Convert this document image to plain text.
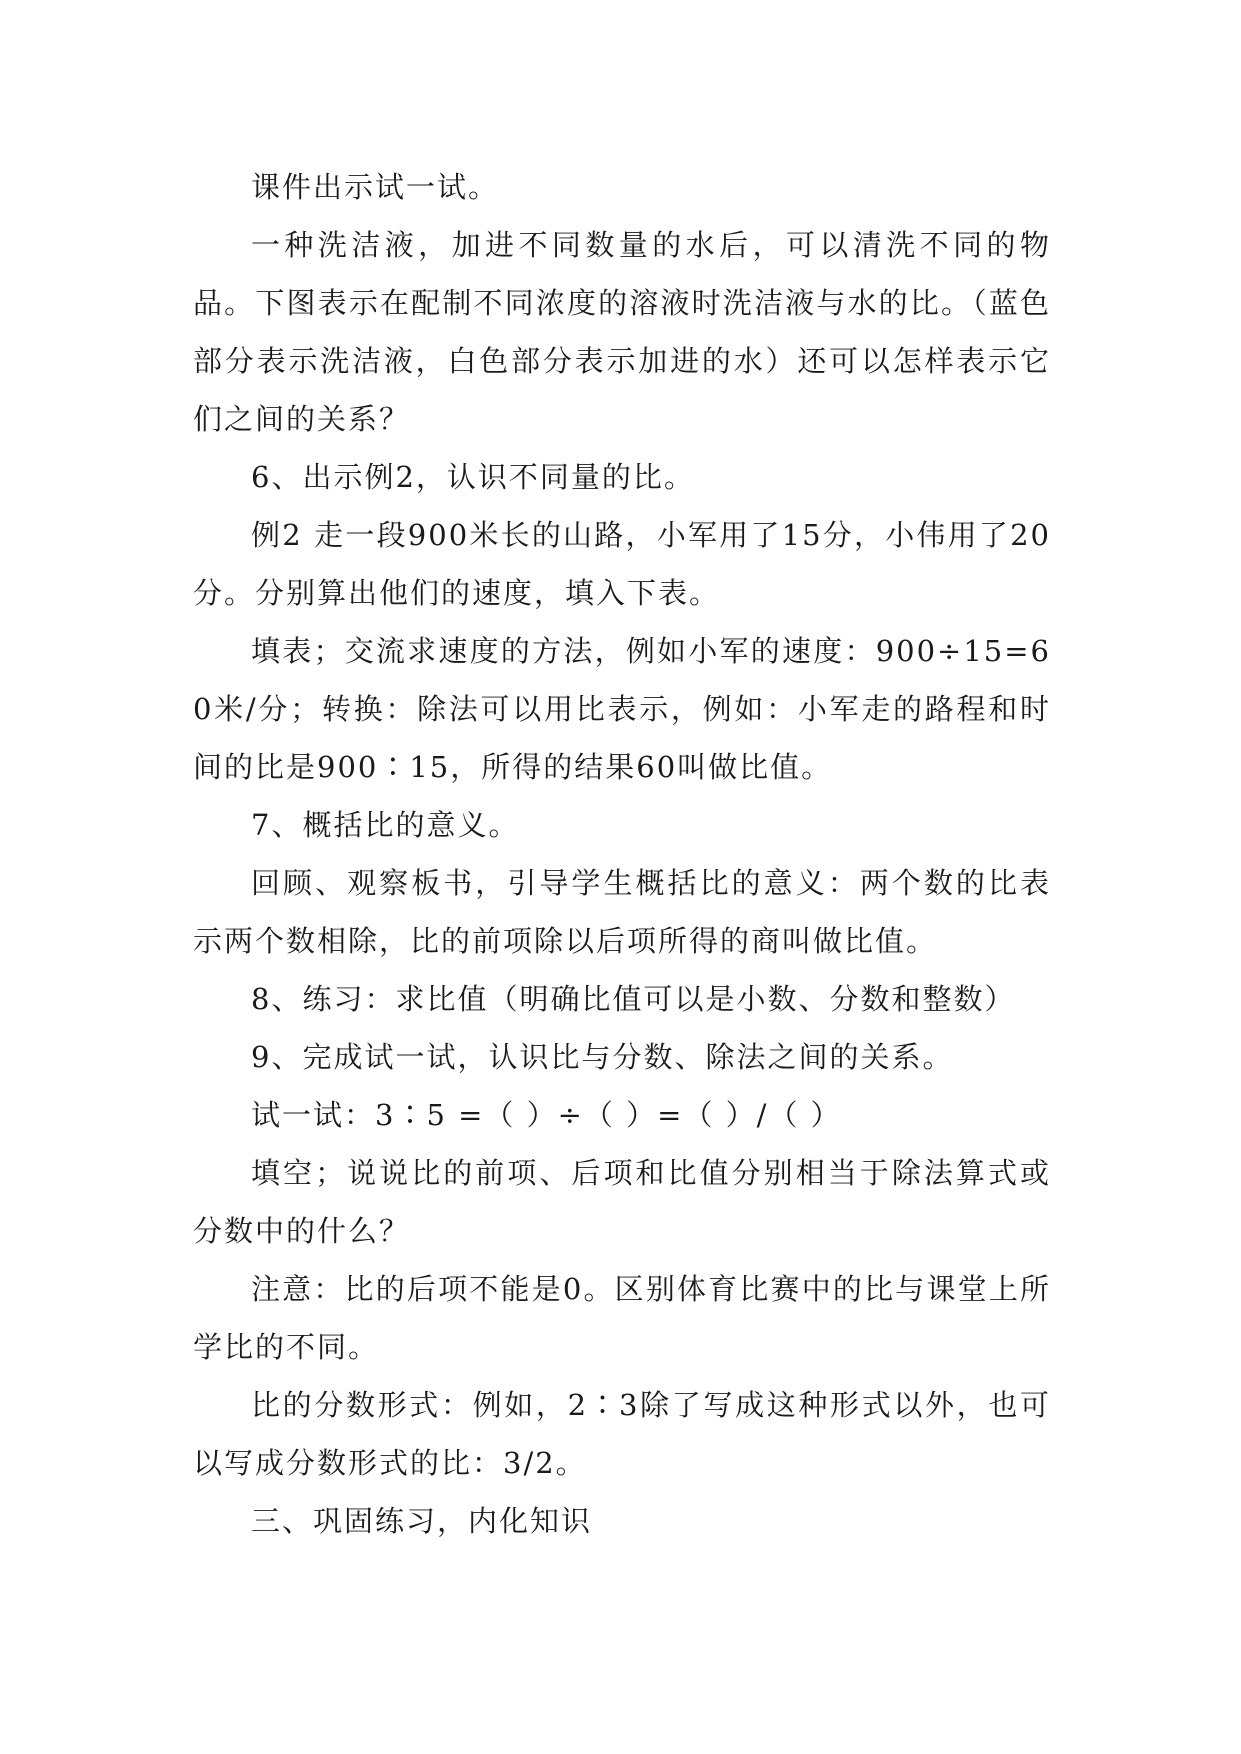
课件出示试一试。

一种洗洁液，加进不同数量的水后，可以清洗不同的物品。下图表示在配制不同浓度的溶液时洗洁液与水的比。（蓝色部分表示洗洁液，白色部分表示加进的水）还可以怎样表示它们之间的关系？

6、出示例2，认识不同量的比。

例2 走一段900米长的山路，小军用了15分，小伟用了20分。分别算出他们的速度，填入下表。

填表；交流求速度的方法，例如小军的速度：900÷15=60米/分；转换：除法可以用比表示，例如：小军走的路程和时间的比是900∶15，所得的结果60叫做比值。

7、概括比的意义。

回顾、观察板书，引导学生概括比的意义：两个数的比表示两个数相除，比的前项除以后项所得的商叫做比值。

8、练习：求比值（明确比值可以是小数、分数和整数）

9、完成试一试，认识比与分数、除法之间的关系。

试一试：3∶5 =（ ）÷（ ）=（ ）/（ ）

填空；说说比的前项、后项和比值分别相当于除法算式或分数中的什么？

注意：比的后项不能是0。区别体育比赛中的比与课堂上所学比的不同。

比的分数形式：例如，2∶3除了写成这种形式以外，也可以写成分数形式的比：3/2。

三、巩固练习，内化知识
